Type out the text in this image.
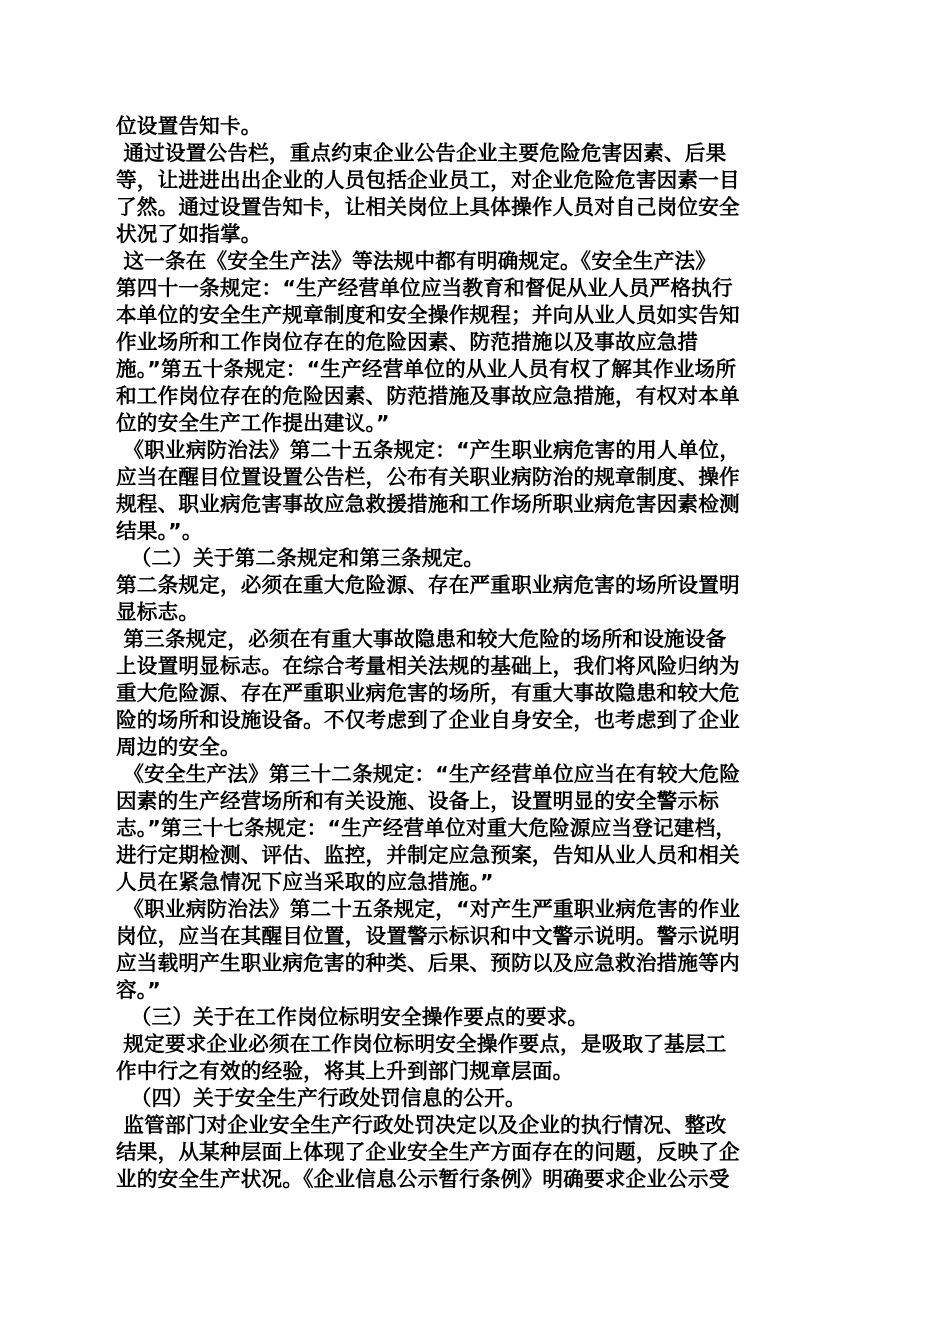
位设置告知卡。
通过设置公告栏，重点约束企业公告企业主要危险危害因素、后果
等，让进进出出企业的人员包括企业员工，对企业危险危害因素一目
了然。通过设置告知卡，让相关岗位上具体操作人员对自己岗位安全
状况了如指掌。
这一条在《安全生产法》等法规中都有明确规定。《安全生产法》
第四十一条规定：“生产经营单位应当教育和督促从业人员严格执行
本单位的安全生产规章制度和安全操作规程；并向从业人员如实告知
作业场所和工作岗位存在的危险因素、防范措施以及事故应急措
施。”第五十条规定：“生产经营单位的从业人员有权了解其作业场所
和工作岗位存在的危险因素、防范措施及事故应急措施，有权对本单
位的安全生产工作提出建议。”
《职业病防治法》第二十五条规定：“产生职业病危害的用人单位，
应当在醒目位置设置公告栏，公布有关职业病防治的规章制度、操作
规程、职业病危害事故应急救援措施和工作场所职业病危害因素检测
结果。”。
（二）关于第二条规定和第三条规定。
第二条规定，必须在重大危险源、存在严重职业病危害的场所设置明
显标志。
第三条规定，必须在有重大事故隐患和较大危险的场所和设施设备
上设置明显标志。在综合考量相关法规的基础上，我们将风险归纳为
重大危险源、存在严重职业病危害的场所，有重大事故隐患和较大危
险的场所和设施设备。不仅考虑到了企业自身安全，也考虑到了企业
周边的安全。
《安全生产法》第三十二条规定：“生产经营单位应当在有较大危险
因素的生产经营场所和有关设施、设备上，设置明显的安全警示标
志。”第三十七条规定：“生产经营单位对重大危险源应当登记建档，
进行定期检测、评估、监控，并制定应急预案，告知从业人员和相关
人员在紧急情况下应当采取的应急措施。”
《职业病防治法》第二十五条规定，“对产生严重职业病危害的作业
岗位，应当在其醒目位置，设置警示标识和中文警示说明。警示说明
应当载明产生职业病危害的种类、后果、预防以及应急救治措施等内
容。”
（三）关于在工作岗位标明安全操作要点的要求。
规定要求企业必须在工作岗位标明安全操作要点，是吸取了基层工
作中行之有效的经验，将其上升到部门规章层面。
（四）关于安全生产行政处罚信息的公开。
监管部门对企业安全生产行政处罚决定以及企业的执行情况、整改
结果，从某种层面上体现了企业安全生产方面存在的问题，反映了企
业的安全生产状况。《企业信息公示暂行条例》明确要求企业公示受
